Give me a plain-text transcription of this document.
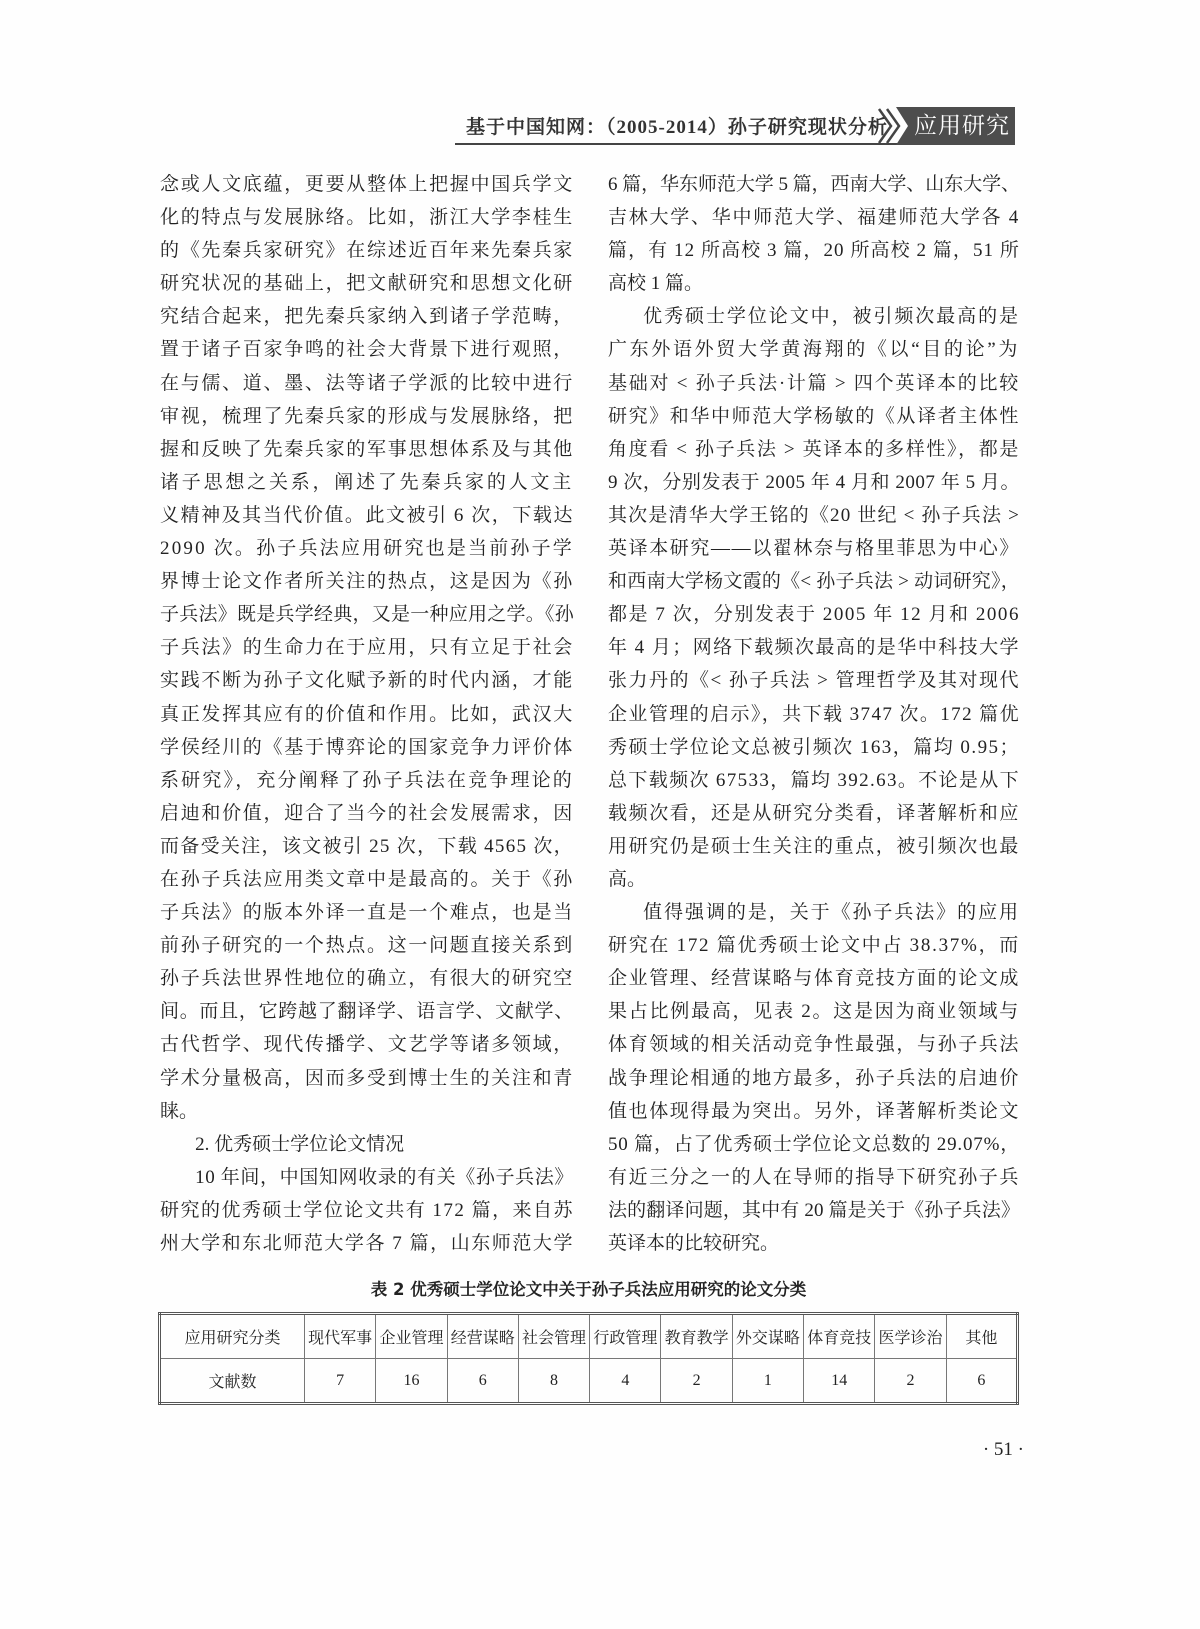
基于中国知网：（2005-2014）孙子研究现状分析 应用研究
念或人文底蕴，更要从整体上把握中国兵学文
化的特点与发展脉络。比如，浙江大学李桂生
的《先秦兵家研究》在综述近百年来先秦兵家
研究状况的基础上，把文献研究和思想文化研
究结合起来，把先秦兵家纳入到诸子学范畴，
置于诸子百家争鸣的社会大背景下进行观照，
在与儒、道、墨、法等诸子学派的比较中进行
审视，梳理了先秦兵家的形成与发展脉络，把
握和反映了先秦兵家的军事思想体系及与其他
诸子思想之关系，阐述了先秦兵家的人文主
义精神及其当代价值。此文被引 6 次，下载达
2090 次。孙子兵法应用研究也是当前孙子学
界博士论文作者所关注的热点，这是因为《孙
子兵法》既是兵学经典，又是一种应用之学。《孙
子兵法》的生命力在于应用，只有立足于社会
实践不断为孙子文化赋予新的时代内涵，才能
真正发挥其应有的价值和作用。比如，武汉大
学侯经川的《基于博弈论的国家竞争力评价体
系研究》，充分阐释了孙子兵法在竞争理论的
启迪和价值，迎合了当今的社会发展需求，因
而备受关注，该文被引 25 次，下载 4565 次，
在孙子兵法应用类文章中是最高的。关于《孙
子兵法》的版本外译一直是一个难点，也是当
前孙子研究的一个热点。这一问题直接关系到
孙子兵法世界性地位的确立，有很大的研究空
间。而且，它跨越了翻译学、语言学、文献学、
古代哲学、现代传播学、文艺学等诸多领域，
学术分量极高，因而多受到博士生的关注和青
睐。
2. 优秀硕士学位论文情况
10 年间，中国知网收录的有关《孙子兵法》
研究的优秀硕士学位论文共有 172 篇，来自苏
州大学和东北师范大学各 7 篇，山东师范大学
6 篇，华东师范大学 5 篇，西南大学、山东大学、
吉林大学、华中师范大学、福建师范大学各 4
篇，有 12 所高校 3 篇，20 所高校 2 篇，51 所
高校 1 篇。
优秀硕士学位论文中，被引频次最高的是
广东外语外贸大学黄海翔的《以“目的论”为
基础对 < 孙子兵法·计篇 > 四个英译本的比较
研究》和华中师范大学杨敏的《从译者主体性
角度看 < 孙子兵法 > 英译本的多样性》，都是
9 次，分别发表于 2005 年 4 月和 2007 年 5 月。
其次是清华大学王铭的《20 世纪 < 孙子兵法 >
英译本研究——以翟林奈与格里菲思为中心》
和西南大学杨文霞的《< 孙子兵法 > 动词研究》，
都是 7 次，分别发表于 2005 年 12 月和 2006
年 4 月；网络下载频次最高的是华中科技大学
张力丹的《< 孙子兵法 > 管理哲学及其对现代
企业管理的启示》，共下载 3747 次。172 篇优
秀硕士学位论文总被引频次 163，篇均 0.95；
总下载频次 67533，篇均 392.63。不论是从下
载频次看，还是从研究分类看，译著解析和应
用研究仍是硕士生关注的重点，被引频次也最
高。
值得强调的是，关于《孙子兵法》的应用
研究在 172 篇优秀硕士论文中占 38.37%，而
企业管理、经营谋略与体育竞技方面的论文成
果占比例最高，见表 2。这是因为商业领域与
体育领域的相关活动竞争性最强，与孙子兵法
战争理论相通的地方最多，孙子兵法的启迪价
值也体现得最为突出。另外，译著解析类论文
50 篇，占了优秀硕士学位论文总数的 29.07%，
有近三分之一的人在导师的指导下研究孙子兵
法的翻译问题，其中有 20 篇是关于《孙子兵法》
英译本的比较研究。
表 2 优秀硕士学位论文中关于孙子兵法应用研究的论文分类
应用研究分类	现代军事	企业管理	经营谋略	社会管理	行政管理	教育教学	外交谋略	体育竞技	医学诊治	其他
文献数	7	16	6	8	4	2	1	14	2	6
· 51 ·
